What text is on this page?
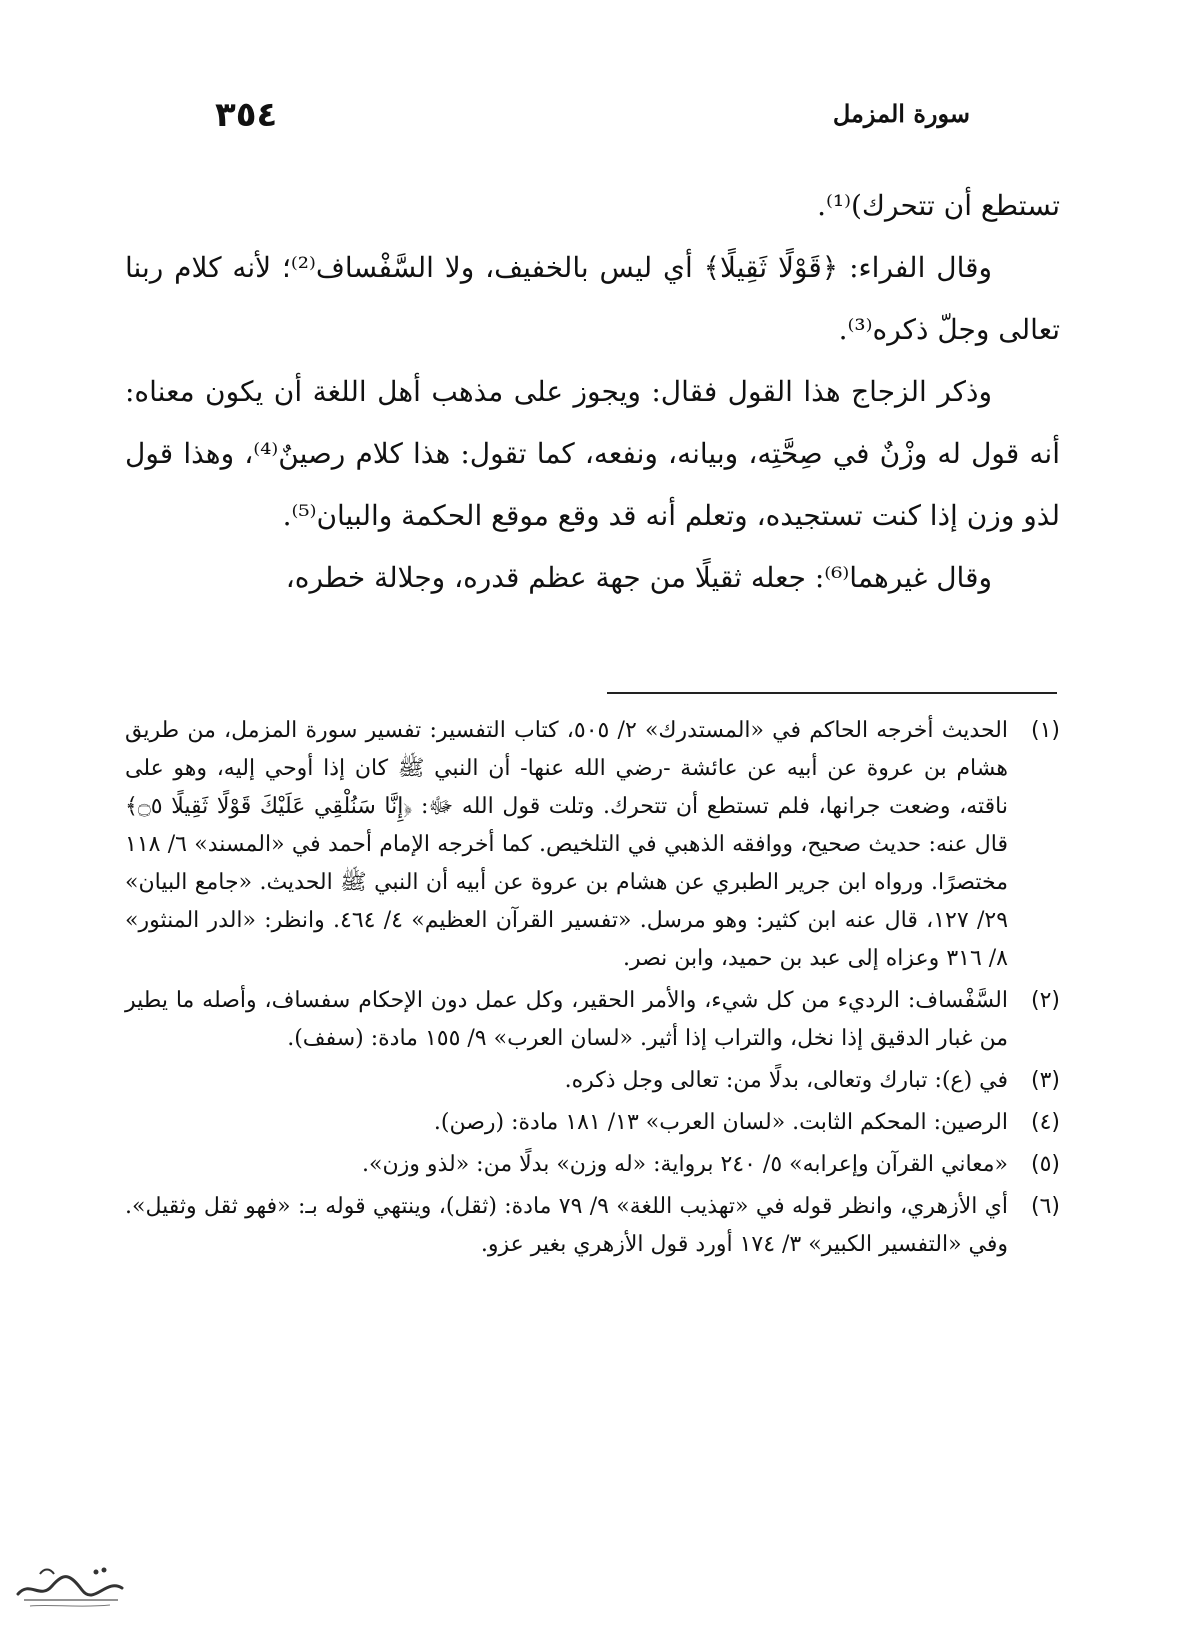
٣٥٤	سورة المزمل

تستطع أن تتحرك)⁽¹⁾.

وقال الفراء: ﴿قَوْلًا ثَقِيلًا﴾ أي ليس بالخفيف، ولا السَّفْساف⁽²⁾؛ لأنه كلام ربنا تعالى وجلّ ذكره⁽³⁾.

وذكر الزجاج هذا القول فقال: ويجوز على مذهب أهل اللغة أن يكون معناه: أنه قول له وزْنٌ في صِحَّتِه، وبيانه، ونفعه، كما تقول: هذا كلام رصينٌ⁽⁴⁾، وهذا قول لذو وزن إذا كنت تستجيده، وتعلم أنه قد وقع موقع الحكمة والبيان⁽⁵⁾.

وقال غيرهما⁽⁶⁾: جعله ثقيلًا من جهة عظم قدره، وجلالة خطره،

(١)
الحديث أخرجه الحاكم في «المستدرك» ٢/ ٥٠٥، كتاب التفسير: تفسير سورة المزمل، من طريق هشام بن عروة عن أبيه عن عائشة -رضي الله عنها- أن النبي ﷺ كان إذا أوحي إليه، وهو على ناقته، وضعت جرانها، فلم تستطع أن تتحرك. وتلت قول الله ﷻ: ﴿إِنَّا سَنُلْقِي عَلَيْكَ قَوْلًا ثَقِيلًا ۝٥﴾ قال عنه: حديث صحيح، ووافقه الذهبي في التلخيص. كما أخرجه الإمام أحمد في «المسند» ٦/ ١١٨ مختصرًا. ورواه ابن جرير الطبري عن هشام بن عروة عن أبيه أن النبي ﷺ الحديث. «جامع البيان» ٢٩/ ١٢٧، قال عنه ابن كثير: وهو مرسل. «تفسير القرآن العظيم» ٤/ ٤٦٤. وانظر: «الدر المنثور» ٨/ ٣١٦ وعزاه إلى عبد بن حميد، وابن نصر.
(٢)
السَّفْساف: الرديء من كل شيء، والأمر الحقير، وكل عمل دون الإحكام سفساف، وأصله ما يطير من غبار الدقيق إذا نخل، والتراب إذا أثير. «لسان العرب» ٩/ ١٥٥ مادة: (سفف).
(٣)
في (ع): تبارك وتعالى، بدلًا من: تعالى وجل ذكره.
(٤)
الرصين: المحكم الثابت. «لسان العرب» ١٣/ ١٨١ مادة: (رصن).
(٥)
«معاني القرآن وإعرابه» ٥/ ٢٤٠ برواية: «له وزن» بدلًا من: «لذو وزن».
(٦)
أي الأزهري، وانظر قوله في «تهذيب اللغة» ٩/ ٧٩ مادة: (ثقل)، وينتهي قوله بـ: «فهو ثقل وثقيل». وفي «التفسير الكبير» ٣/ ١٧٤ أورد قول الأزهري بغير عزو.
